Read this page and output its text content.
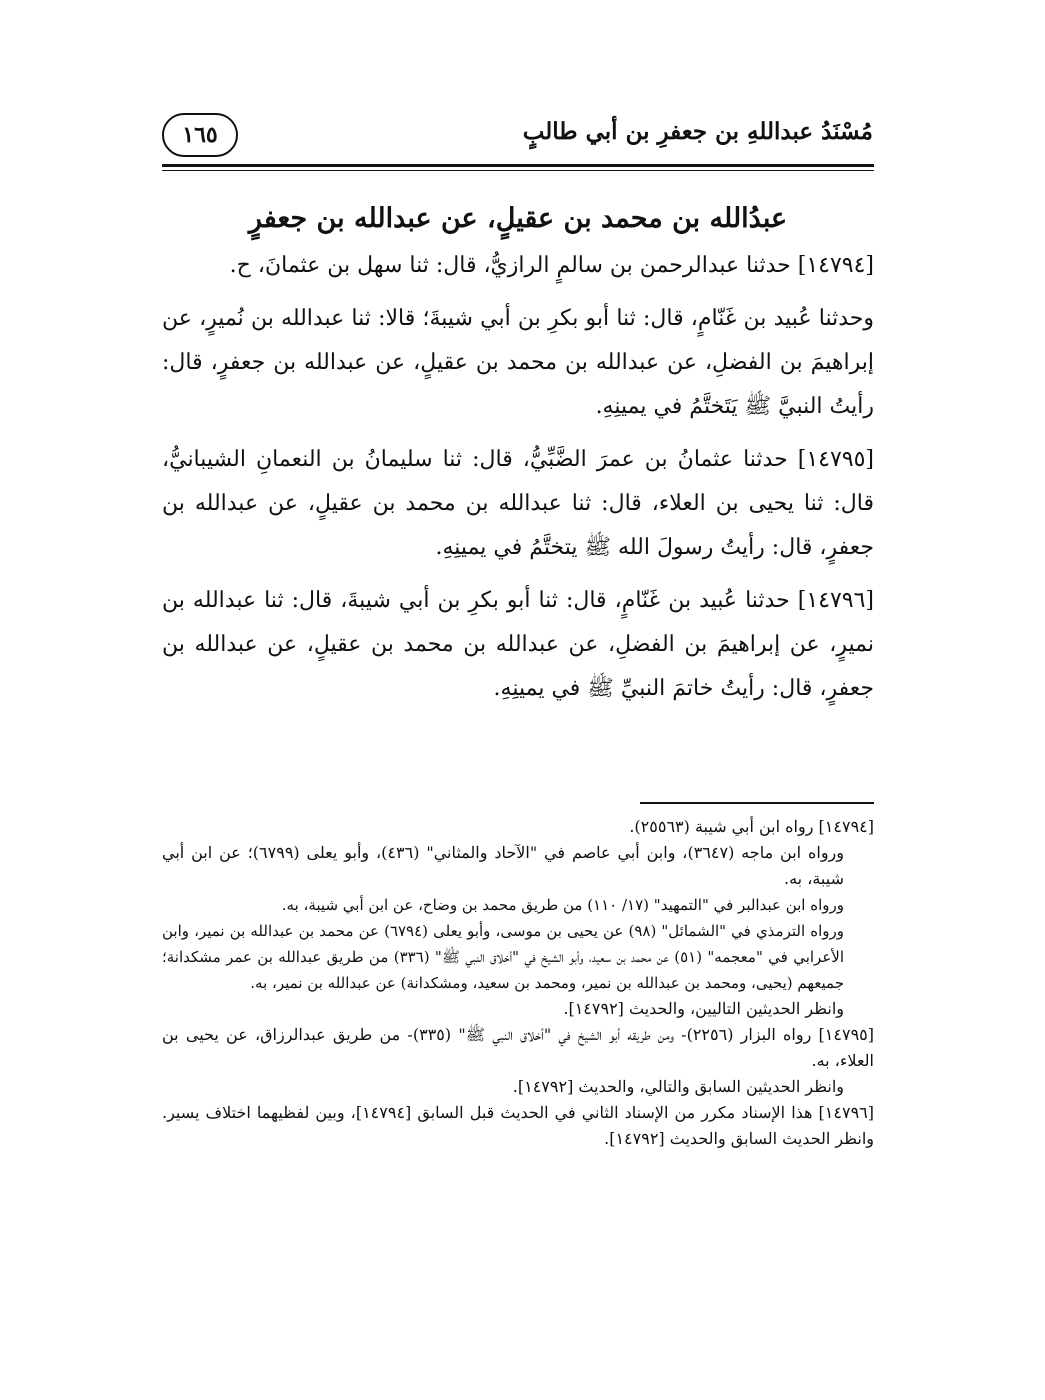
مُسْنَدُ عبداللهِ بن جعفرِ بن أبي طالبٍ
١٦٥
عبدُالله بن محمد بن عقيلٍ، عن عبدالله بن جعفرٍ

[١٤٧٩٤] حدثنا عبدالرحمن بن سالمٍ الرازيُّ، قال: ثنا سهل بن عثمانَ، ح.

وحدثنا عُبيد بن غَنّامٍ، قال: ثنا أبو بكرِ بن أبي شيبةَ؛ قالا: ثنا عبدالله بن نُميرٍ، عن إبراهيمَ بن الفضلِ، عن عبدالله بن محمد بن عقيلٍ، عن عبدالله بن جعفرٍ، قال: رأيتُ النبيَّ ﷺ يَتَختَّمُ في يمينِهِ.

[١٤٧٩٥] حدثنا عثمانُ بن عمرَ الضَّبِّيُّ، قال: ثنا سليمانُ بن النعمانِ الشيبانيُّ، قال: ثنا يحيى بن العلاء، قال: ثنا عبدالله بن محمد بن عقيلٍ، عن عبدالله بن جعفرٍ، قال: رأيتُ رسولَ الله ﷺ يتختَّمُ في يمينِهِ.

[١٤٧٩٦] حدثنا عُبيد بن غَنّامٍ، قال: ثنا أبو بكرِ بن أبي شيبةَ، قال: ثنا عبدالله بن نميرٍ، عن إبراهيمَ بن الفضلِ، عن عبدالله بن محمد بن عقيلٍ، عن عبدالله بن جعفرٍ، قال: رأيتُ خاتمَ النبيِّ ﷺ في يمينِهِ.

[١٤٧٩٤] رواه ابن أبي شيبة (٢٥٥٦٣).

ورواه ابن ماجه (٣٦٤٧)، وابن أبي عاصم في "الآحاد والمثاني" (٤٣٦)، وأبو يعلى (٦٧٩٩)؛ عن ابن أبي شيبة، به.

ورواه ابن عبدالبر في "التمهيد" (١٧/ ١١٠) من طريق محمد بن وضاح، عن ابن أبي شيبة، به.

ورواه الترمذي في "الشمائل" (٩٨) عن يحيى بن موسى، وأبو يعلى (٦٧٩٤) عن محمد بن عبدالله بن نمير، وابن الأعرابي في "معجمه" (٥١) عن محمد بن سعيد، وأبو الشيخ في "أخلاق النبي ﷺ" (٣٣٦) من طريق عبدالله بن عمر مشكدانة؛ جميعهم (يحيى، ومحمد بن عبدالله بن نمير، ومحمد بن سعيد، ومشكدانة) عن عبدالله بن نمير، به.

وانظر الحديثين التاليين، والحديث [١٤٧٩٢].

[١٤٧٩٥] رواه البزار (٢٢٥٦)- ومن طريقه أبو الشيخ في "أخلاق النبي ﷺ" (٣٣٥)- من طريق عبدالرزاق، عن يحيى بن العلاء، به.

وانظر الحديثين السابق والتالي، والحديث [١٤٧٩٢].

[١٤٧٩٦] هذا الإسناد مكرر من الإسناد الثاني في الحديث قبل السابق [١٤٧٩٤]، وبين لفظيهما اختلاف يسير. وانظر الحديث السابق والحديث [١٤٧٩٢].
